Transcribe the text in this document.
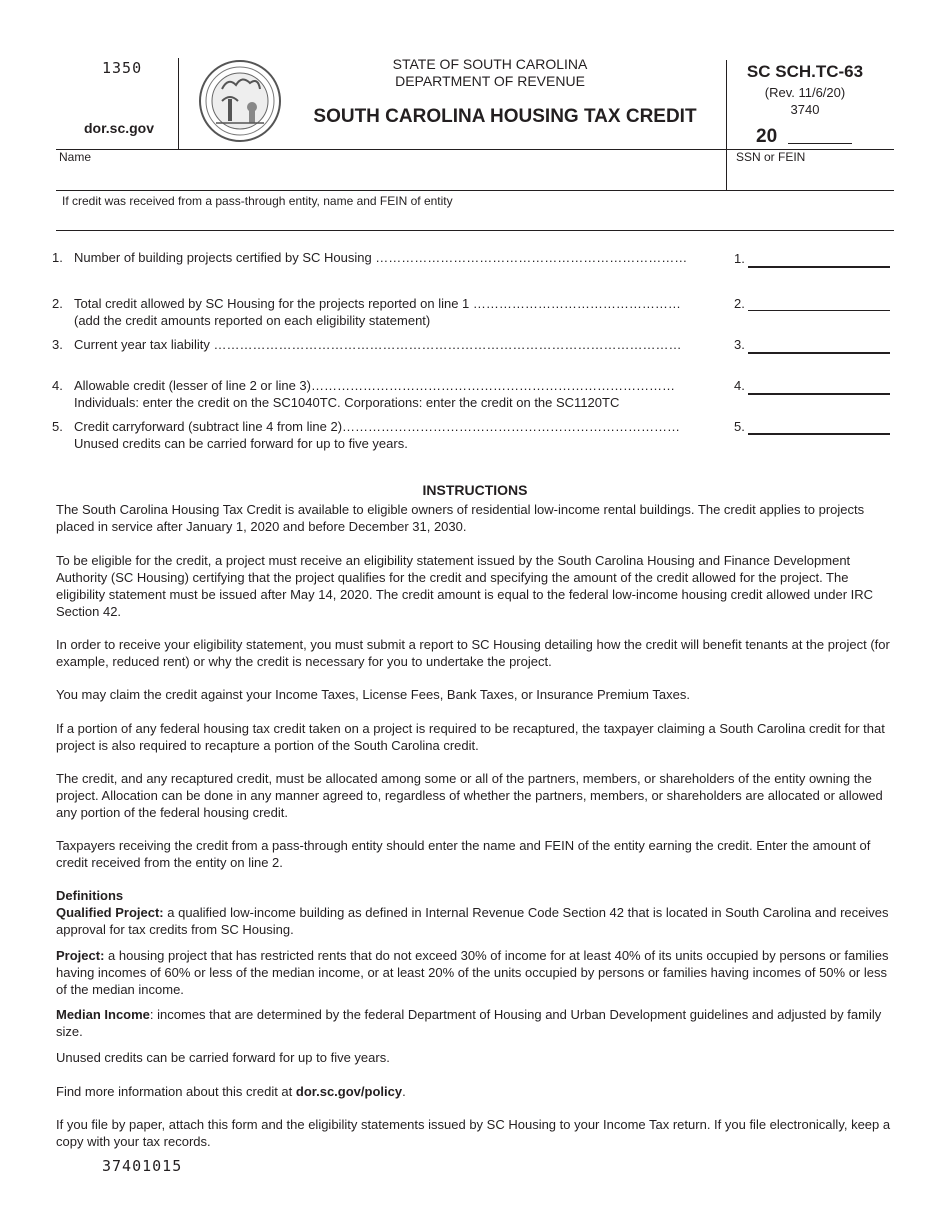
1350
dor.sc.gov
STATE OF SOUTH CAROLINA
DEPARTMENT OF REVENUE
SOUTH CAROLINA HOUSING TAX CREDIT
SC SCH.TC-63
(Rev. 11/6/20)
3740
20
Name	SSN or FEIN
If credit was received from a pass-through entity, name and FEIN of entity
1. Number of building projects certified by SC Housing ………………………………………………………………	1.
2. Total credit allowed by SC Housing for the projects reported on line 1 …………………………………………
(add the credit amounts reported on each eligibility statement)
2.
3. Current year tax liability ………………………………………………………………………………………………	3.
4. Allowable credit (lesser of line 2 or line 3)…………………………………………………………………………
Individuals: enter the credit on the SC1040TC. Corporations: enter the credit on the SC1120TC
4.
5. Credit carryforward (subtract line 4 from line 2)……………………………………………………………………
Unused credits can be carried forward for up to five years.
5.
INSTRUCTIONS
The South Carolina Housing Tax Credit is available to eligible owners of residential low-income rental buildings. The credit applies to projects placed in service after January 1, 2020 and before December 31, 2030.
To be eligible for the credit, a project must receive an eligibility statement issued by the South Carolina Housing and Finance Development Authority (SC Housing) certifying that the project qualifies for the credit and specifying the amount of the credit allowed for the project. The eligibility statement must be issued after May 14, 2020. The credit amount is equal to the federal low-income housing credit allowed under IRC Section 42.
In order to receive your eligibility statement, you must submit a report to SC Housing detailing how the credit will benefit tenants at the project (for example, reduced rent) or why the credit is necessary for you to undertake the project.
You may claim the credit against your Income Taxes, License Fees, Bank Taxes, or Insurance Premium Taxes.
If a portion of any federal housing tax credit taken on a project is required to be recaptured, the taxpayer claiming a South Carolina credit for that project is also required to recapture a portion of the South Carolina credit.
The credit, and any recaptured credit, must be allocated among some or all of the partners, members, or shareholders of the entity owning the project. Allocation can be done in any manner agreed to, regardless of whether the partners, members, or shareholders are allocated or allowed any portion of the federal housing credit.
Taxpayers receiving the credit from a pass-through entity should enter the name and FEIN of the entity earning the credit. Enter the amount of credit received from the entity on line 2.
Definitions
Qualified Project: a qualified low-income building as defined in Internal Revenue Code Section 42 that is located in South Carolina and receives approval for tax credits from SC Housing.
Project: a housing project that has restricted rents that do not exceed 30% of income for at least 40% of its units occupied by persons or families having incomes of 60% or less of the median income, or at least 20% of the units occupied by persons or families having incomes of 50% or less of the median income.
Median Income: incomes that are determined by the federal Department of Housing and Urban Development guidelines and adjusted by family size.
Unused credits can be carried forward for up to five years.
Find more information about this credit at dor.sc.gov/policy.
If you file by paper, attach this form and the eligibility statements issued by SC Housing to your Income Tax return. If you file electronically, keep a copy with your tax records.
37401015
